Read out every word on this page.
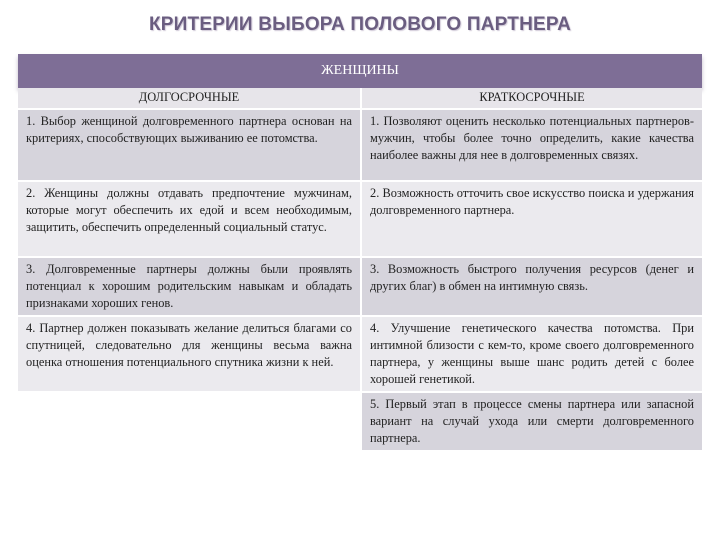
КРИТЕРИИ ВЫБОРА ПОЛОВОГО ПАРТНЕРА
ЖЕНЩИНЫ
ДОЛГОСРОЧНЫЕ	КРАТКОСРОЧНЫЕ
1. Выбор женщиной долговременного партнера основан на критериях, способствующих выживанию ее потомства.	1. Позволяют оценить несколько потенциальных партнеров-мужчин, чтобы более точно определить, какие качества наиболее важны для нее в долговременных связях.
2. Женщины должны отдавать предпочтение мужчинам, которые могут обеспечить их едой и всем необходимым, защитить, обеспечить определенный социальный статус.	2. Возможность отточить свое искусство поиска и удержания долговременного партнера.
3. Долговременные партнеры должны были проявлять потенциал к хорошим родительским навыкам и обладать признаками хороших генов.	3. Возможность быстрого получения ресурсов (денег и других благ) в обмен на интимную связь.
4. Партнер должен показывать желание делиться благами со спутницей, следовательно для женщины весьма важна оценка отношения потенциального спутника жизни к ней.	4. Улучшение генетического качества потомства. При интимной близости с кем-то, кроме своего долговременного партнера, у женщины выше шанс родить детей с более хорошей генетикой.
	5. Первый этап в процессе смены партнера или запасной вариант на случай ухода или смерти долговременного партнера.
